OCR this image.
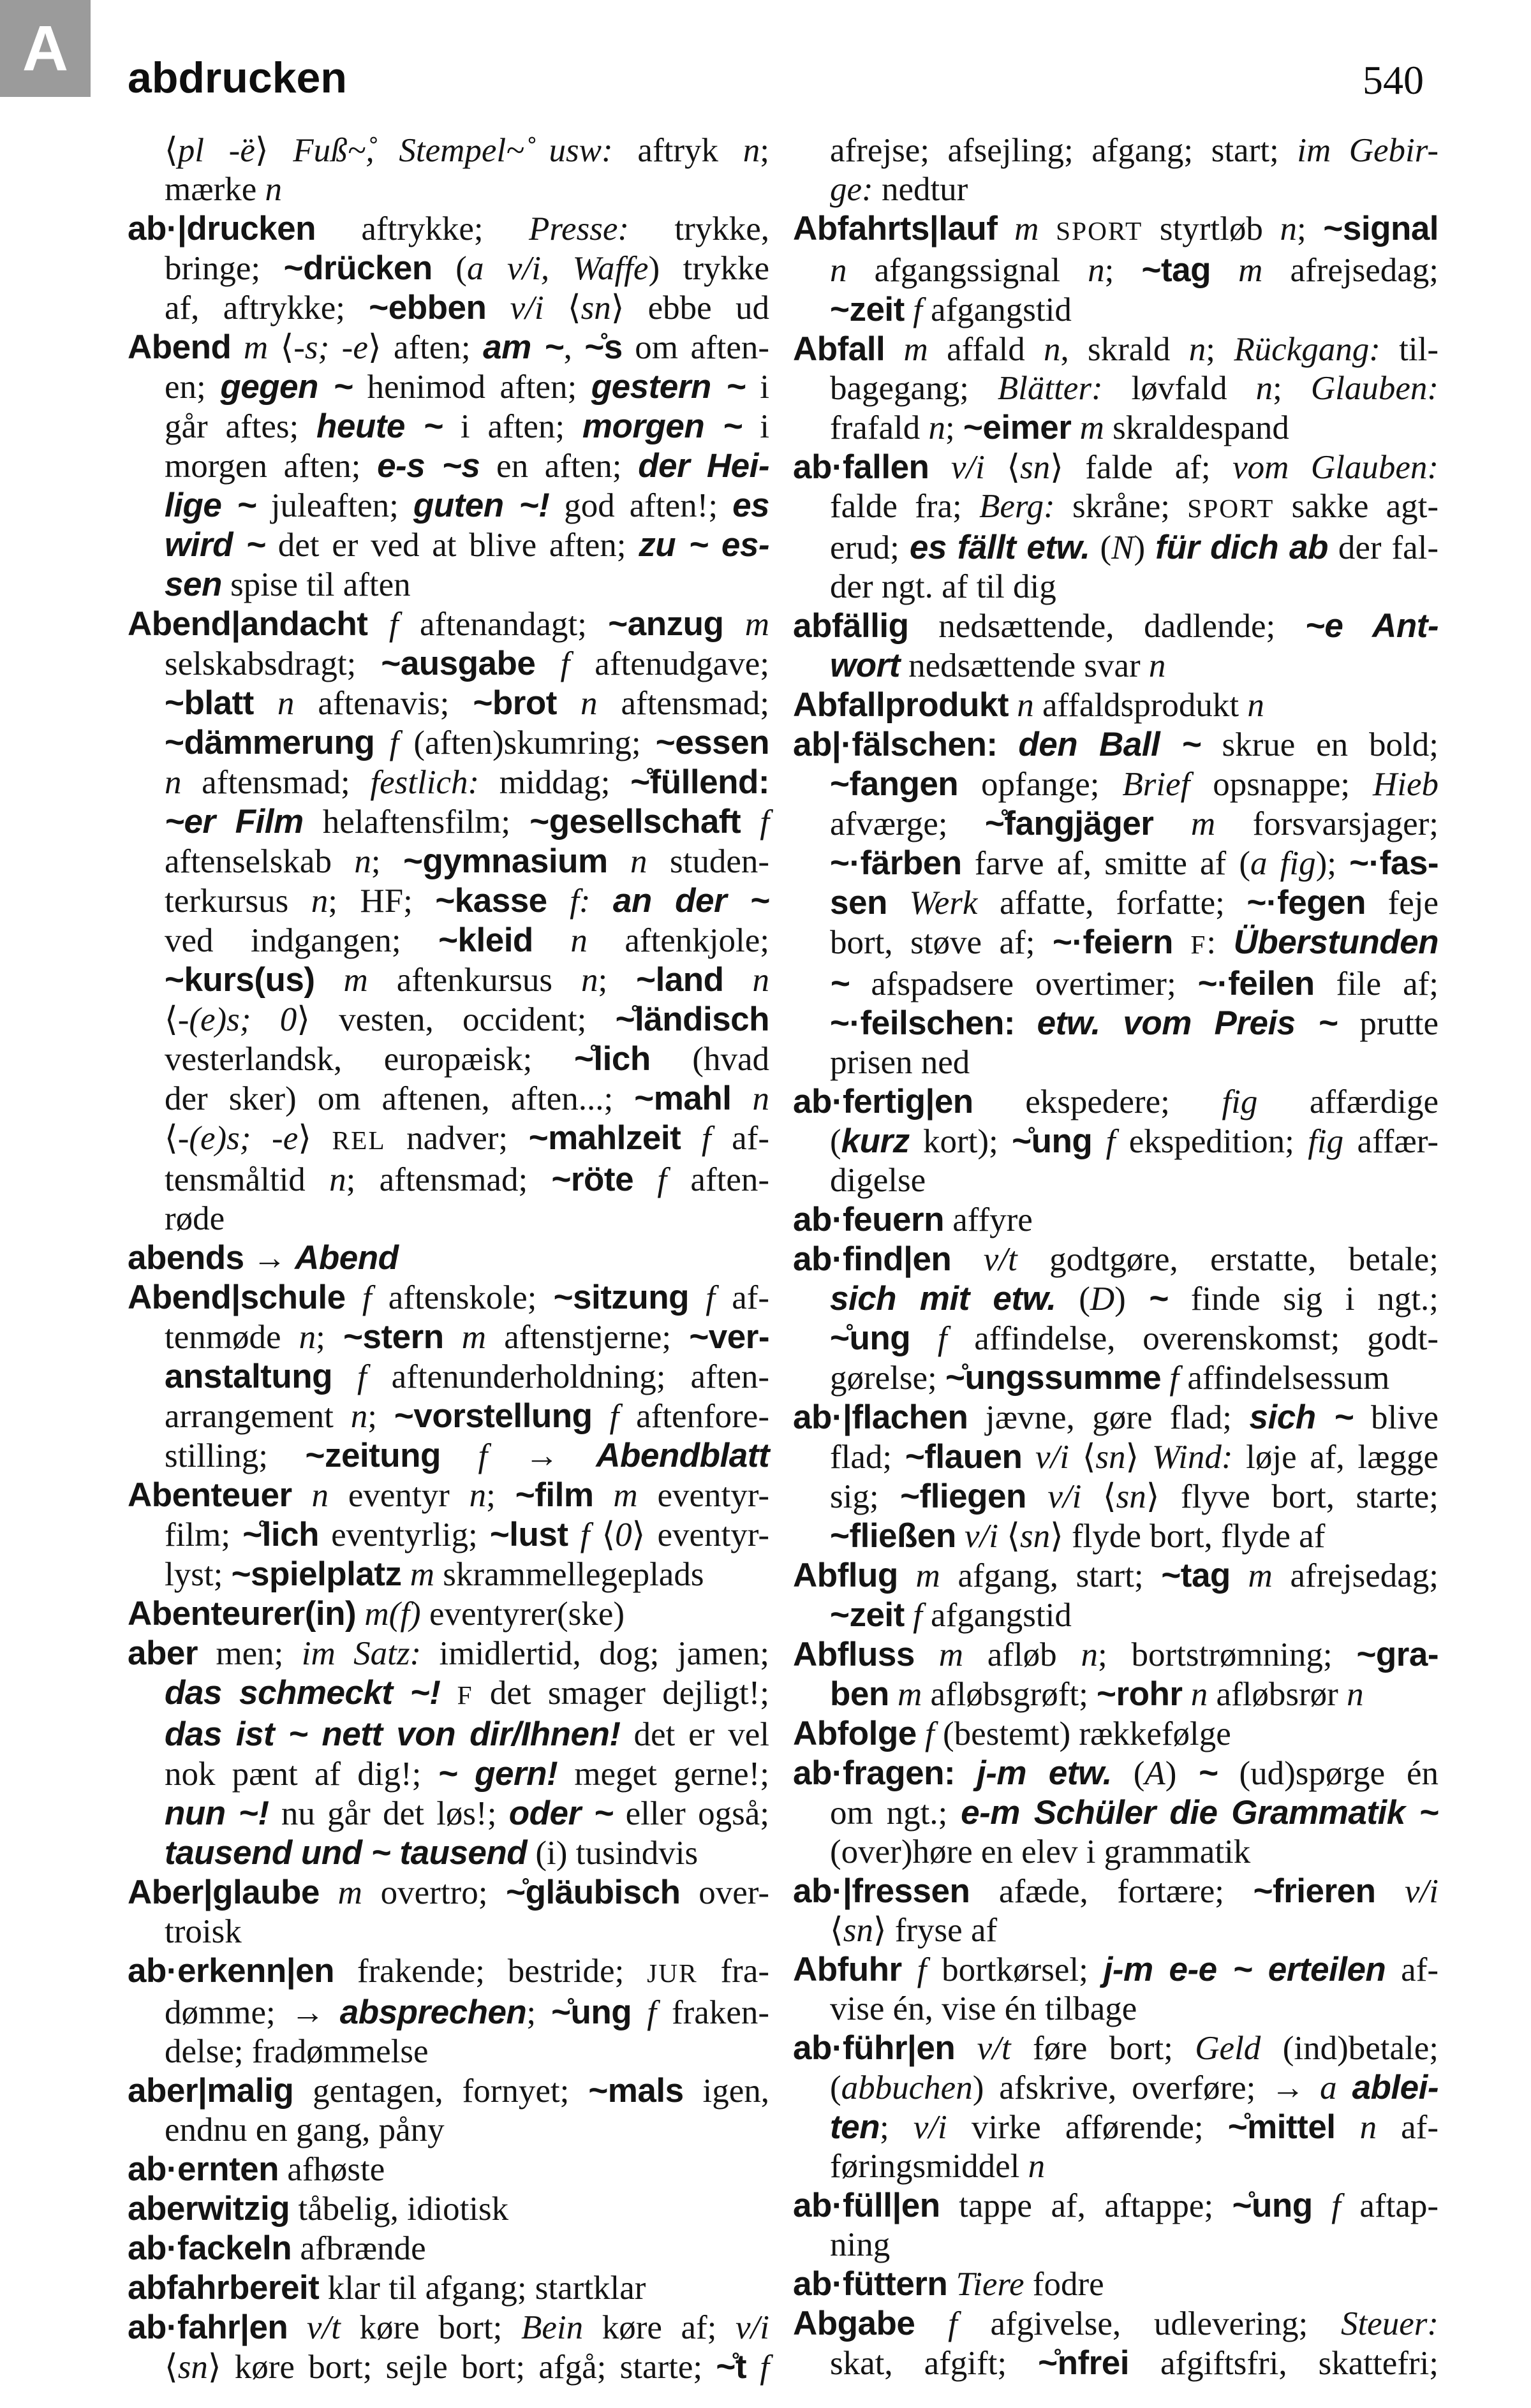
A abdrucken	540
⟨pl -̈e⟩ Fuß~̊, Stempel~̊ usw: aftryk n;
mærke n
ab·|drucken aftrykke; Presse: trykke,
bringe; ~drücken (a v/i, Waffe) trykke
af, aftrykke; ~ebben v/i ⟨sn⟩ ebbe ud
Abend m ⟨-s; -e⟩ aften; am ~, ~̊s om aften-
en; gegen ~ henimod aften; gestern ~ i
går aftes; heute ~ i aften; morgen ~ i
morgen aften; e-s ~s en aften; der Hei-
lige ~ juleaften; guten ~! god aften!; es
wird ~ det er ved at blive aften; zu ~ es-
sen spise til aften
Abend|andacht f aftenandagt; ~anzug m
selskabsdragt; ~ausgabe f aftenudgave;
~blatt n aftenavis; ~brot n aftensmad;
~dämmerung f (aften)skumring; ~essen
n aftensmad; festlich: middag; ~̊füllend:
~er Film helaftensfilm; ~gesellschaft f
aftenselskab n; ~gymnasium n studen-
terkursus n; HF; ~kasse f: an der ~
ved indgangen; ~kleid n aftenkjole;
~kurs(us) m aftenkursus n; ~land n
⟨-(e)s; 0⟩ vesten, occident; ~̊ländisch
vesterlandsk, europæisk; ~̊lich (hvad
der sker) om aftenen, aften...; ~mahl n
⟨-(e)s; -e⟩ REL nadver; ~mahlzeit f af-
tensmåltid n; aftensmad; ~röte f aften-
røde
abends → Abend
Abend|schule f aftenskole; ~sitzung f af-
tenmøde n; ~stern m aftenstjerne; ~ver-
anstaltung f aftenunderholdning; aften-
arrangement n; ~vorstellung f aftenfore-
stilling; ~zeitung f → Abendblatt
Abenteuer n eventyr n; ~film m eventyr-
film; ~̊lich eventyrlig; ~lust f ⟨0⟩ eventyr-
lyst; ~spielplatz m skrammellegeplads
Abenteurer(in) m(f) eventyrer(ske)
aber men; im Satz: imidlertid, dog; jamen;
das schmeckt ~! F det smager dejligt!;
das ist ~ nett von dir/Ihnen! det er vel
nok pænt af dig!; ~ gern! meget gerne!;
nun ~! nu går det løs!; oder ~ eller også;
tausend und ~ tausend (i) tusindvis
Aber|glaube m overtro; ~̊gläubisch over-
troisk
ab·erkenn|en frakende; bestride; JUR fra-
dømme; → absprechen; ~̊ung f fraken-
delse; fradømmelse
aber|malig gentagen, fornyet; ~mals igen,
endnu en gang, påny
ab·ernten afhøste
aberwitzig tåbelig, idiotisk
ab·fackeln afbrænde
abfahrbereit klar til afgang; startklar
ab·fahr|en v/t køre bort; Bein køre af; v/i
⟨sn⟩ køre bort; sejle bort; afgå; starte; ~̊t f
afrejse; afsejling; afgang; start; im Gebir-
ge: nedtur
Abfahrts|lauf m SPORT styrtløb n; ~signal
n afgangssignal n; ~tag m afrejsedag;
~zeit f afgangstid
Abfall m affald n, skrald n; Rückgang: til-
bagegang; Blätter: løvfald n; Glauben:
frafald n; ~eimer m skraldespand
ab·fallen v/i ⟨sn⟩ falde af; vom Glauben:
falde fra; Berg: skråne; SPORT sakke agt-
erud; es fällt etw. (N) für dich ab der fal-
der ngt. af til dig
abfällig nedsættende, dadlende; ~e Ant-
wort nedsættende svar n
Abfallprodukt n affaldsprodukt n
ab|·fälschen: den Ball ~ skrue en bold;
~fangen opfange; Brief opsnappe; Hieb
afværge; ~̊fangjäger m forsvarsjager;
~·färben farve af, smitte af (a fig); ~·fas-
sen Werk affatte, forfatte; ~·fegen feje
bort, støve af; ~·feiern F: Überstunden
~ afspadsere overtimer; ~·feilen file af;
~·feilschen: etw. vom Preis ~ prutte
prisen ned
ab·fertig|en ekspedere; fig affærdige
(kurz kort); ~̊ung f ekspedition; fig affær-
digelse
ab·feuern affyre
ab·find|en v/t godtgøre, erstatte, betale;
sich mit etw. (D) ~ finde sig i ngt.;
~̊ung f affindelse, overenskomst; godt-
gørelse; ~̊ungssumme f affindelsessum
ab·|flachen jævne, gøre flad; sich ~ blive
flad; ~flauen v/i ⟨sn⟩ Wind: løje af, lægge
sig; ~fliegen v/i ⟨sn⟩ flyve bort, starte;
~fließen v/i ⟨sn⟩ flyde bort, flyde af
Abflug m afgang, start; ~tag m afrejsedag;
~zeit f afgangstid
Abfluss m afløb n; bortstrømning; ~gra-
ben m afløbsgrøft; ~rohr n afløbsrør n
Abfolge f (bestemt) rækkefølge
ab·fragen: j-m etw. (A) ~ (ud)spørge én
om ngt.; e-m Schüler die Grammatik ~
(over)høre en elev i grammatik
ab·|fressen afæde, fortære; ~frieren v/i
⟨sn⟩ fryse af
Abfuhr f bortkørsel; j-m e-e ~ erteilen af-
vise én, vise én tilbage
ab·führ|en v/t føre bort; Geld (ind)betale;
(abbuchen) afskrive, overføre; → a ablei-
ten; v/i virke afførende; ~̊mittel n af-
føringsmiddel n
ab·füll|en tappe af, aftappe; ~̊ung f aftap-
ning
ab·füttern Tiere fodre
Abgabe f afgivelse, udlevering; Steuer:
skat, afgift; ~̊nfrei afgiftsfri, skattefri;
